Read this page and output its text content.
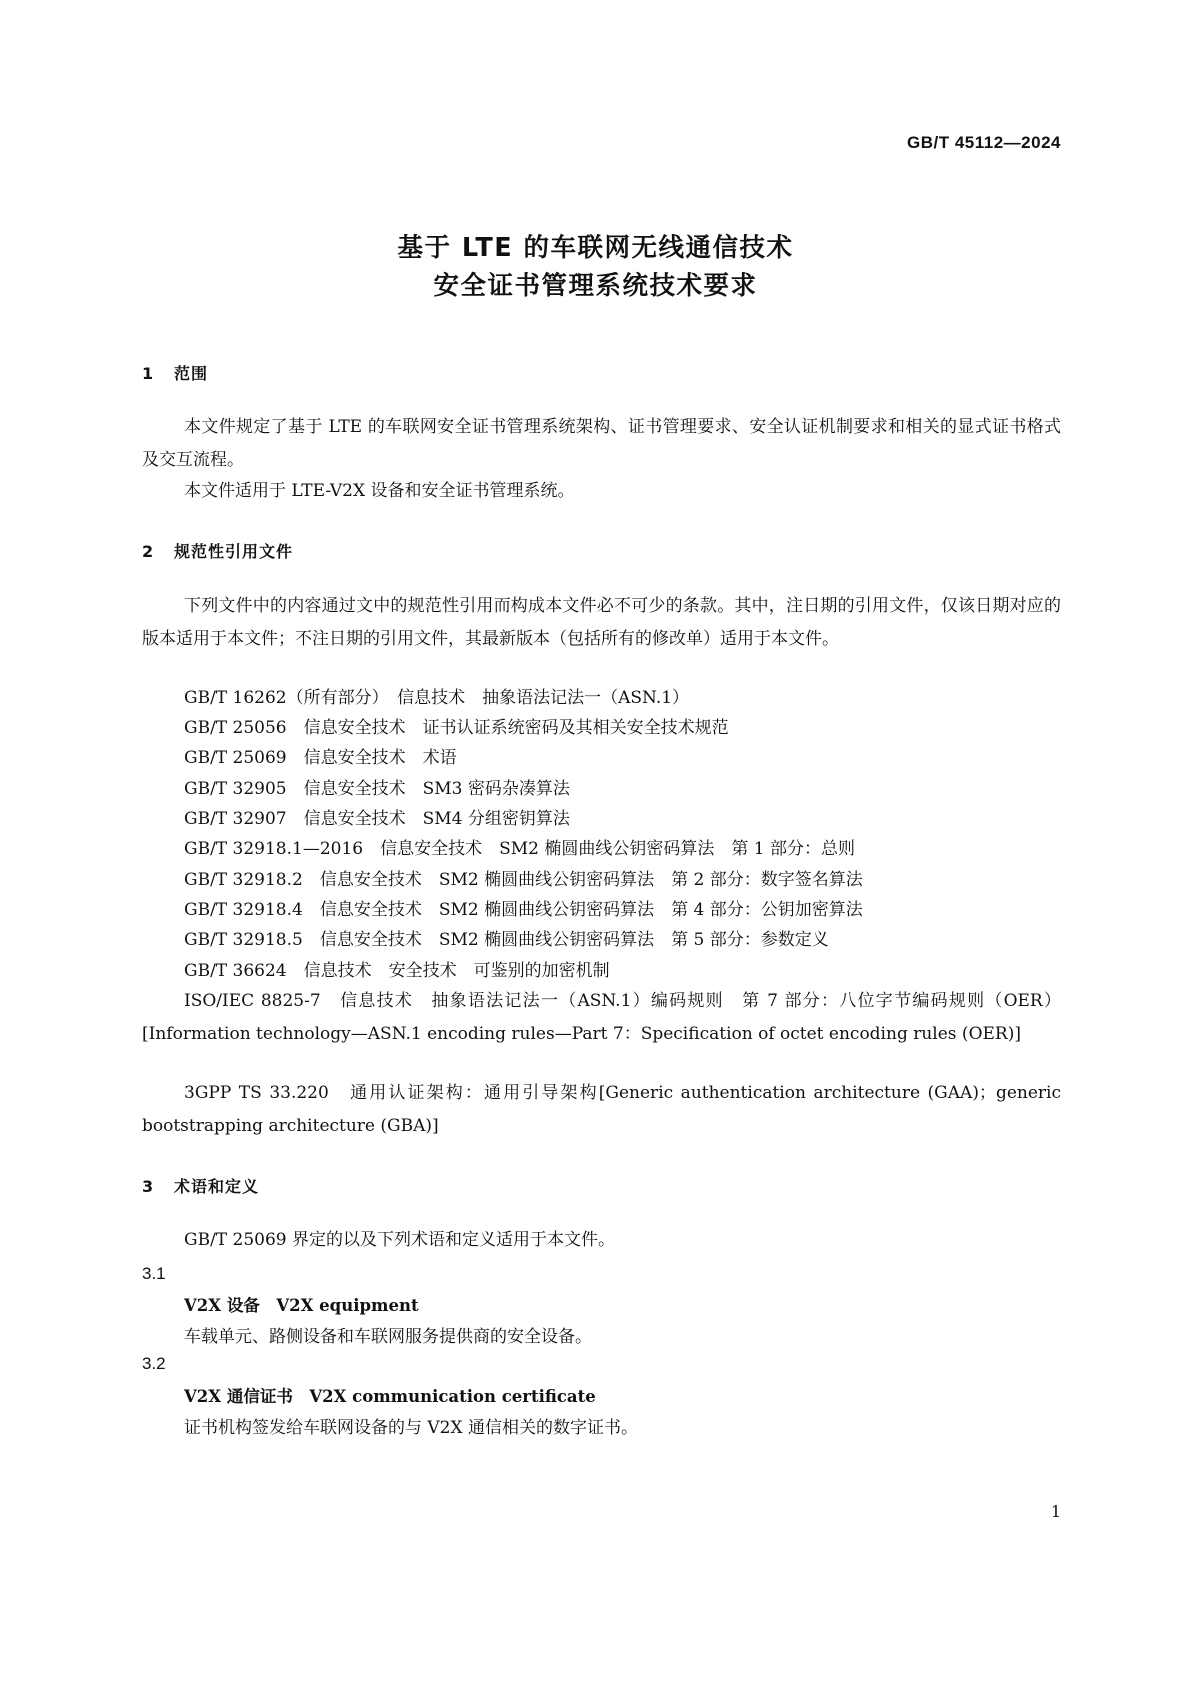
GB/T 45112—2024
基于 LTE 的车联网无线通信技术
安全证书管理系统技术要求
1 范围
本文件规定了基于 LTE 的车联网安全证书管理系统架构、证书管理要求、安全认证机制要求和相关的显式证书格式及交互流程。
本文件适用于 LTE-V2X 设备和安全证书管理系统。
2 规范性引用文件
下列文件中的内容通过文中的规范性引用而构成本文件必不可少的条款。其中，注日期的引用文件，仅该日期对应的版本适用于本文件；不注日期的引用文件，其最新版本（包括所有的修改单）适用于本文件。
GB/T 16262（所有部分）　信息技术　抽象语法记法一（ASN.1）
GB/T 25056　信息安全技术　证书认证系统密码及其相关安全技术规范
GB/T 25069　信息安全技术　术语
GB/T 32905　信息安全技术　SM3 密码杂凑算法
GB/T 32907　信息安全技术　SM4 分组密钥算法
GB/T 32918.1—2016　信息安全技术　SM2 椭圆曲线公钥密码算法　第 1 部分：总则
GB/T 32918.2　信息安全技术　SM2 椭圆曲线公钥密码算法　第 2 部分：数字签名算法
GB/T 32918.4　信息安全技术　SM2 椭圆曲线公钥密码算法　第 4 部分：公钥加密算法
GB/T 32918.5　信息安全技术　SM2 椭圆曲线公钥密码算法　第 5 部分：参数定义
GB/T 36624　信息技术　安全技术　可鉴别的加密机制
ISO/IEC 8825-7　信息技术　抽象语法记法一（ASN.1）编码规则　第 7 部分：八位字节编码规则（OER）[Information technology—ASN.1 encoding rules—Part 7：Specification of octet encoding rules (OER)]
3GPP TS 33.220　通用认证架构：通用引导架构[Generic authentication architecture (GAA)；generic bootstrapping architecture (GBA)]
3 术语和定义
GB/T 25069 界定的以及下列术语和定义适用于本文件。
3.1
V2X 设备　V2X equipment
车载单元、路侧设备和车联网服务提供商的安全设备。
3.2
V2X 通信证书　V2X communication certificate
证书机构签发给车联网设备的与 V2X 通信相关的数字证书。
1
